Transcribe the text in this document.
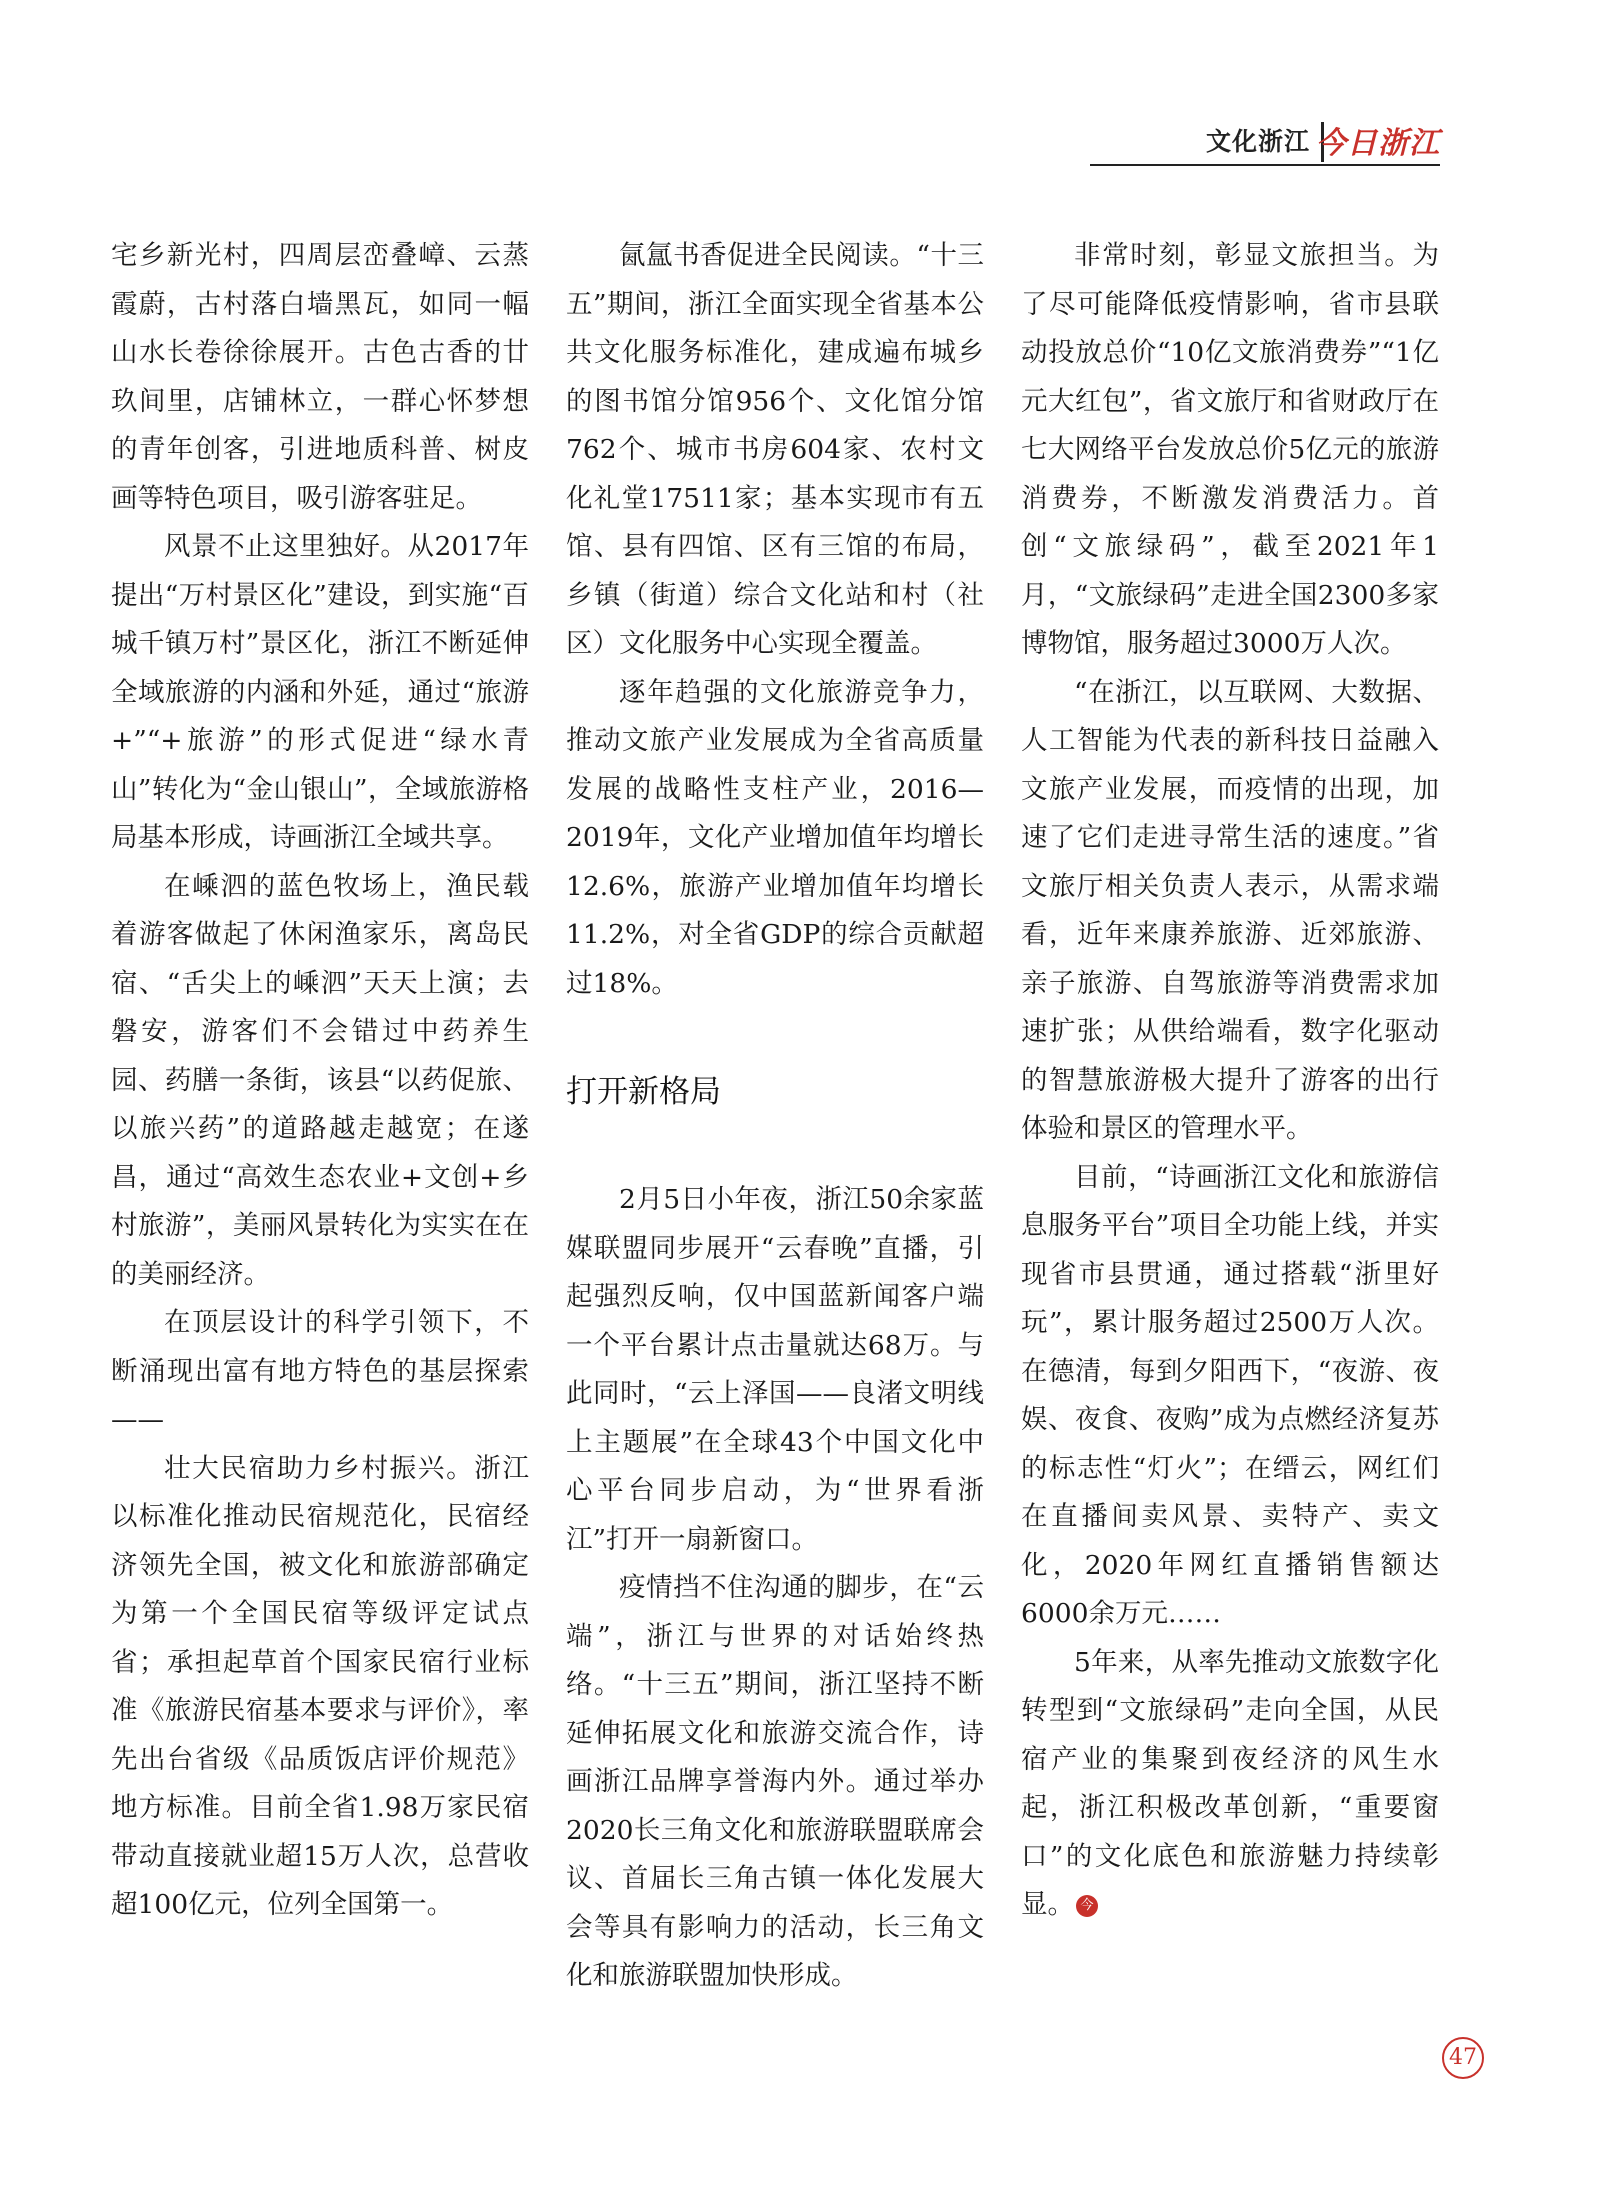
文化浙江 今日浙江

宅乡新光村，四周层峦叠嶂、云蒸霞蔚，古村落白墙黑瓦，如同一幅山水长卷徐徐展开。古色古香的廿玖间里，店铺林立，一群心怀梦想的青年创客，引进地质科普、树皮画等特色项目，吸引游客驻足。

风景不止这里独好。从2017年提出“万村景区化”建设，到实施“百城千镇万村”景区化，浙江不断延伸全域旅游的内涵和外延，通过“旅游+”“+旅游”的形式促进“绿水青山”转化为“金山银山”，全域旅游格局基本形成，诗画浙江全域共享。

在嵊泗的蓝色牧场上，渔民载着游客做起了休闲渔家乐，离岛民宿、“舌尖上的嵊泗”天天上演；去磐安，游客们不会错过中药养生园、药膳一条街，该县“以药促旅、以旅兴药”的道路越走越宽；在遂昌，通过“高效生态农业+文创+乡村旅游”，美丽风景转化为实实在在的美丽经济。

在顶层设计的科学引领下，不断涌现出富有地方特色的基层探索——

壮大民宿助力乡村振兴。浙江以标准化推动民宿规范化，民宿经济领先全国，被文化和旅游部确定为第一个全国民宿等级评定试点省；承担起草首个国家民宿行业标准《旅游民宿基本要求与评价》，率先出台省级《品质饭店评价规范》地方标准。目前全省1.98万家民宿带动直接就业超15万人次，总营收超100亿元，位列全国第一。

氤氲书香促进全民阅读。“十三五”期间，浙江全面实现全省基本公共文化服务标准化，建成遍布城乡的图书馆分馆956个、文化馆分馆762个、城市书房604家、农村文化礼堂17511家；基本实现市有五馆、县有四馆、区有三馆的布局，乡镇（街道）综合文化站和村（社区）文化服务中心实现全覆盖。

逐年趋强的文化旅游竞争力，推动文旅产业发展成为全省高质量发展的战略性支柱产业，2016—2019年，文化产业增加值年均增长12.6%，旅游产业增加值年均增长11.2%，对全省GDP的综合贡献超过18%。

打开新格局

2月5日小年夜，浙江50余家蓝媒联盟同步展开“云春晚”直播，引起强烈反响，仅中国蓝新闻客户端一个平台累计点击量就达68万。与此同时，“云上泽国——良渚文明线上主题展”在全球43个中国文化中心平台同步启动，为“世界看浙江”打开一扇新窗口。

疫情挡不住沟通的脚步，在“云端”，浙江与世界的对话始终热络。“十三五”期间，浙江坚持不断延伸拓展文化和旅游交流合作，诗画浙江品牌享誉海内外。通过举办2020长三角文化和旅游联盟联席会议、首届长三角古镇一体化发展大会等具有影响力的活动，长三角文化和旅游联盟加快形成。

非常时刻，彰显文旅担当。为了尽可能降低疫情影响，省市县联动投放总价“10亿文旅消费券”“1亿元大红包”，省文旅厅和省财政厅在七大网络平台发放总价5亿元的旅游消费券，不断激发消费活力。首创“文旅绿码”，截至2021年1月，“文旅绿码”走进全国2300多家博物馆，服务超过3000万人次。

“在浙江，以互联网、大数据、人工智能为代表的新科技日益融入文旅产业发展，而疫情的出现，加速了它们走进寻常生活的速度。”省文旅厅相关负责人表示，从需求端看，近年来康养旅游、近郊旅游、亲子旅游、自驾旅游等消费需求加速扩张；从供给端看，数字化驱动的智慧旅游极大提升了游客的出行体验和景区的管理水平。

目前，“诗画浙江文化和旅游信息服务平台”项目全功能上线，并实现省市县贯通，通过搭载“浙里好玩”，累计服务超过2500万人次。在德清，每到夕阳西下，“夜游、夜娱、夜食、夜购”成为点燃经济复苏的标志性“灯火”；在缙云，网红们在直播间卖风景、卖特产、卖文化，2020年网红直播销售额达6000余万元……

5年来，从率先推动文旅数字化转型到“文旅绿码”走向全国，从民宿产业的集聚到夜经济的风生水起，浙江积极改革创新，“重要窗口”的文化底色和旅游魅力持续彰显。 今

47
